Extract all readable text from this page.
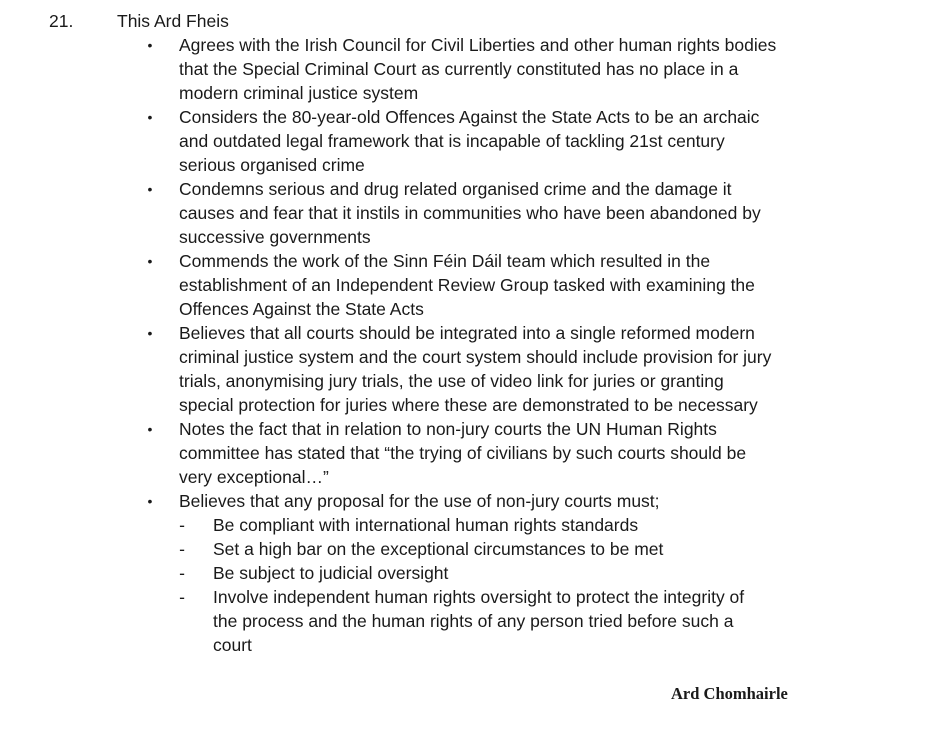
21. This Ard Fheis
• Agrees with the Irish Council for Civil Liberties and other human rights bodies that the Special Criminal Court as currently constituted has no place in a modern criminal justice system
• Considers the 80-year-old Offences Against the State Acts to be an archaic and outdated legal framework that is incapable of tackling 21st century serious organised crime
• Condemns serious and drug related organised crime and the damage it causes and fear that it instils in communities who have been abandoned by successive governments
• Commends the work of the Sinn Féin Dáil team which resulted in the establishment of an Independent Review Group tasked with examining the Offences Against the State Acts
• Believes that all courts should be integrated into a single reformed modern criminal justice system and the court system should include provision for jury trials, anonymising jury trials, the use of video link for juries or granting special protection for juries where these are demonstrated to be necessary
• Notes the fact that in relation to non-jury courts the UN Human Rights committee has stated that “the trying of civilians by such courts should be very exceptional…”
• Believes that any proposal for the use of non-jury courts must;
- Be compliant with international human rights standards
- Set a high bar on the exceptional circumstances to be met
- Be subject to judicial oversight
- Involve independent human rights oversight to protect the integrity of the process and the human rights of any person tried before such a court
Ard Chomhairle
